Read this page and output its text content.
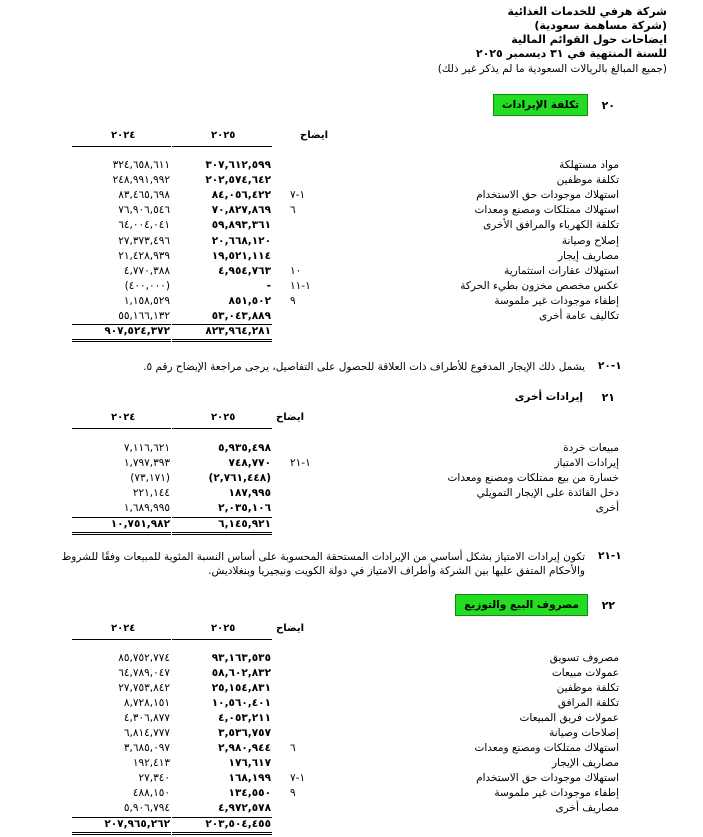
شركة هرفي للخدمات الغذائية
(شركة مساهمة سعودية)
ايضاحات حول القوائم المالية
للسنة المنتهية في ٣١ ديسمبر ٢٠٢٥
(جميع المبالغ بالريالات السعودية ما لم يذكر غير ذلك)
٢٠
تكلفة الإيرادات
ايضاح
٢٠٢٥
٢٠٢٤
مواد مستهلكة
٣٠٧,٦١٢,٥٩٩
٣٢٤,٦٥٨,٦١١
تكلفة موظفين
٢٠٢,٥٧٤,٦٤٢
٢٤٨,٩٩١,٩٩٢
استهلاك موجودات حق الاستخدام
١-٧
٨٤,٠٥٦,٤٢٢
٨٣,٤٦٥,٦٩٨
استهلاك ممتلكات ومصنع ومعدات
٦
٧٠,٨٢٧,٨٦٩
٧٦,٩٠٦,٥٤٦
تكلفة الكهرباء والمرافق الأخرى
٥٩,٨٩٣,٣٦١
٦٤,٠٠٤,٠٤١
إصلاح وصيانة
٢٠,٦٦٨,١٢٠
٢٧,٣٧٣,٤٩٦
مصاريف إيجار
١٩,٥٢١,١١٤
٢١,٤٢٨,٩٣٩
استهلاك عقارات استثمارية
١٠
٤,٩٥٤,٧٦٣
٤,٧٧٠,٣٨٨
عكس مخصص مخزون بطيء الحركة
١-١١
-
(٤٠٠,٠٠٠)
إطفاء موجودات غير ملموسة
٩
٨٥١,٥٠٢
١,١٥٨,٥٢٩
تكاليف عامة أخرى
٥٣,٠٤٣,٨٨٩
٥٥,١٦٦,١٣٢
٨٢٣,٩٦٤,٢٨١
٩٠٧,٥٢٤,٣٧٢
١-٢٠
يشمل ذلك الإيجار المدفوع للأطراف ذات العلاقة للحصول على التفاصيل، يرجى مراجعة الإيضاح رقم ٥.
٢١
إيرادات أخرى
ايضاح
٢٠٢٥
٢٠٢٤
مبيعات خردة
٥,٩٣٥,٤٩٨
٧,١١٦,٦٢١
إيرادات الامتياز
١-٢١
٧٤٨,٧٧٠
١,٧٩٧,٣٩٣
خسارة من بيع ممتلكات ومصنع ومعدات
(٢,٧٦١,٤٤٨)
(٧٣,١٧١)
دخل الفائدة على الإيجار التمويلي
١٨٧,٩٩٥
٢٢١,١٤٤
أخرى
٢,٠٣٥,١٠٦
١,٦٨٩,٩٩٥
٦,١٤٥,٩٢١
١٠,٧٥١,٩٨٢
١-٢١
تكون إيرادات الامتياز بشكل أساسي من الإيرادات المستحقة المحسوبة على أساس النسبة المئوية للمبيعات وفقًا للشروط
والأحكام المتفق عليها بين الشركة وأطراف الامتياز في دولة الكويت ونيجيريا وبنغلاديش.
٢٢
مصروف البيع والتوزيع
ايضاح
٢٠٢٥
٢٠٢٤
مصروف تسويق
٩٣,١٦٣,٥٣٥
٨٥,٧٥٢,٧٧٤
عمولات مبيعات
٥٨,٦٠٢,٨٣٢
٦٤,٧٨٩,٠٤٧
تكلفة موظفين
٢٥,١٥٤,٨٣١
٢٧,٧٥٣,٨٤٢
تكلفة المرافق
١٠,٥٦٠,٤٠١
٨,٧٢٨,١٥١
عمولات فريق المبيعات
٤,٠٥٣,٢١١
٤,٣٠٦,٨٧٧
إصلاحات وصيانة
٣,٥٣٦,٧٥٧
٦,٨١٤,٧٧٧
استهلاك ممتلكات ومصنع ومعدات
٦
٢,٩٨٠,٩٤٤
٣,٦٨٥,٠٩٧
مصاريف الإيجار
١٧٦,٦١٧
١٩٢,٤١٣
استهلاك موجودات حق الاستخدام
١-٧
١٦٨,١٩٩
٢٧,٣٤٠
إطفاء موجودات غير ملموسة
٩
١٣٤,٥٥٠
٤٨٨,١٥٠
مصاريف أخرى
٤,٩٧٢,٥٧٨
٥,٩٠٦,٧٩٤
٢٠٣,٥٠٤,٤٥٥
٢٠٧,٩٦٥,٢٦٢
